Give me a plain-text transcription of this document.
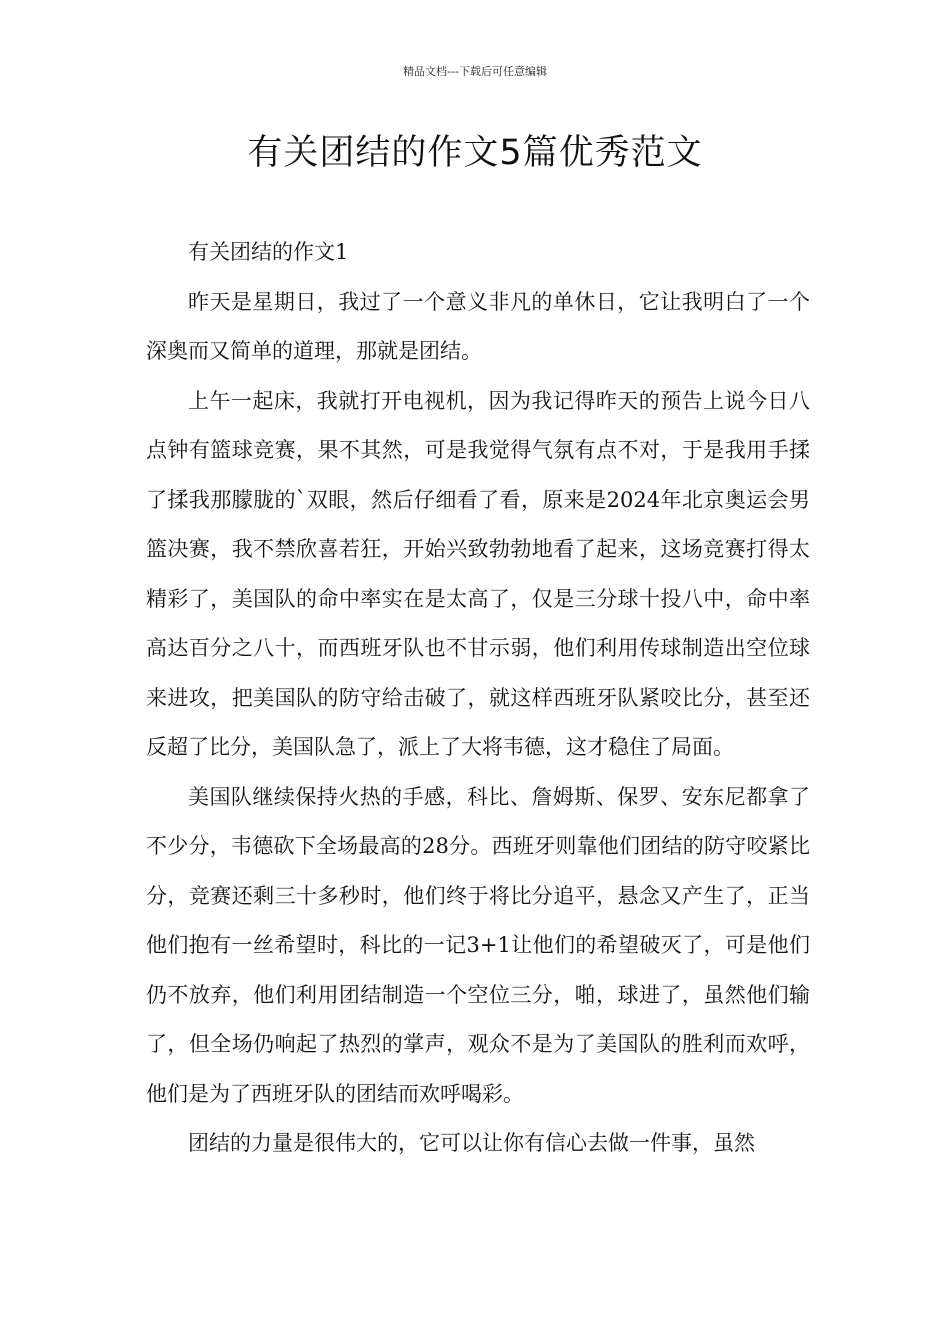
精品文档---下载后可任意编辑
有关团结的作文5篇优秀范文

有关团结的作文1

昨天是星期日，我过了一个意义非凡的单休日，它让我明白了一个深奥而又简单的道理，那就是团结。

上午一起床，我就打开电视机，因为我记得昨天的预告上说今日八点钟有篮球竞赛，果不其然，可是我觉得气氛有点不对，于是我用手揉了揉我那朦胧的`双眼，然后仔细看了看，原来是2024年北京奥运会男篮决赛，我不禁欣喜若狂，开始兴致勃勃地看了起来，这场竞赛打得太精彩了，美国队的命中率实在是太高了，仅是三分球十投八中，命中率高达百分之八十，而西班牙队也不甘示弱，他们利用传球制造出空位球来进攻，把美国队的防守给击破了，就这样西班牙队紧咬比分，甚至还反超了比分，美国队急了，派上了大将韦德，这才稳住了局面。

美国队继续保持火热的手感，科比、詹姆斯、保罗、安东尼都拿了不少分，韦德砍下全场最高的28分。西班牙则靠他们团结的防守咬紧比分，竞赛还剩三十多秒时，他们终于将比分追平，悬念又产生了，正当他们抱有一丝希望时，科比的一记3+1让他们的希望破灭了，可是他们仍不放弃，他们利用团结制造一个空位三分，啪，球进了，虽然他们输了，但全场仍响起了热烈的掌声，观众不是为了美国队的胜利而欢呼，他们是为了西班牙队的团结而欢呼喝彩。

团结的力量是很伟大的，它可以让你有信心去做一件事，虽然
